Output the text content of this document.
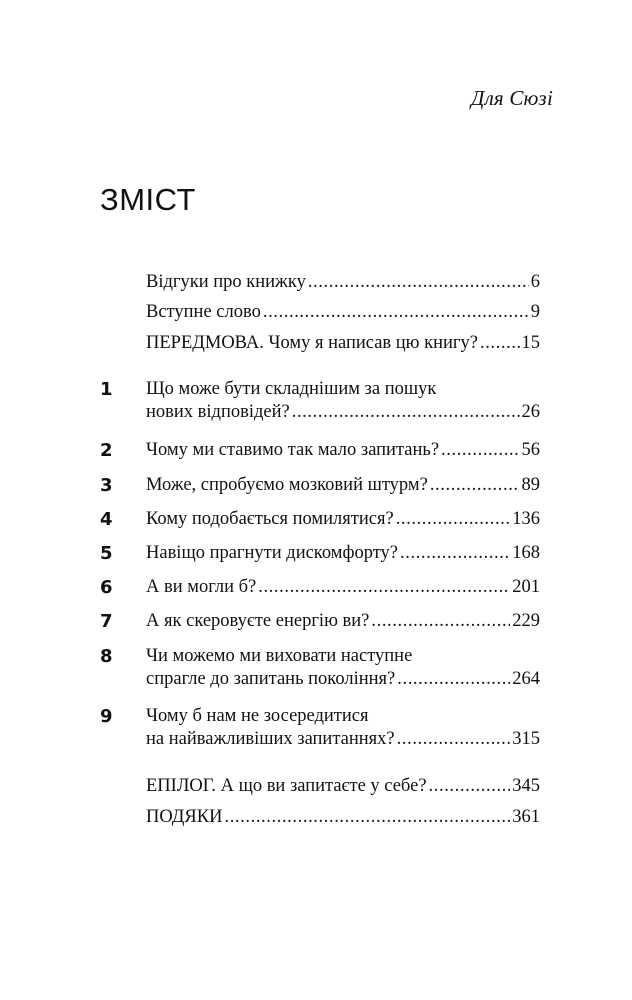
Для Сюзі
ЗМІСТ
Відгуки про книжку .....	6
Вступне слово .....	9
ПЕРЕДМОВА. Чому я написав цю книгу? ..... 15
1 Що може бути складнішим за пошук
нових відповідей? .....	26
2 Чому ми ставимо так мало запитань? .....	56
3 Може, спробуємо мозковий штурм? .....	89
4 Кому подобається помилятися? .....	136
5 Навіщо прагнути дискомфорту? .....	168
6 А ви могли б? .....	201
7 А як скеровуєте енергію ви? .....	229
8 Чи можемо ми виховати наступне
спрагле до запитань покоління? .....	264
9 Чому б нам не зосередитися
на найважливіших запитаннях? .....	315
ЕПІЛОГ. А що ви запитаєте у себе? .....	345
ПОДЯКИ .....	361
